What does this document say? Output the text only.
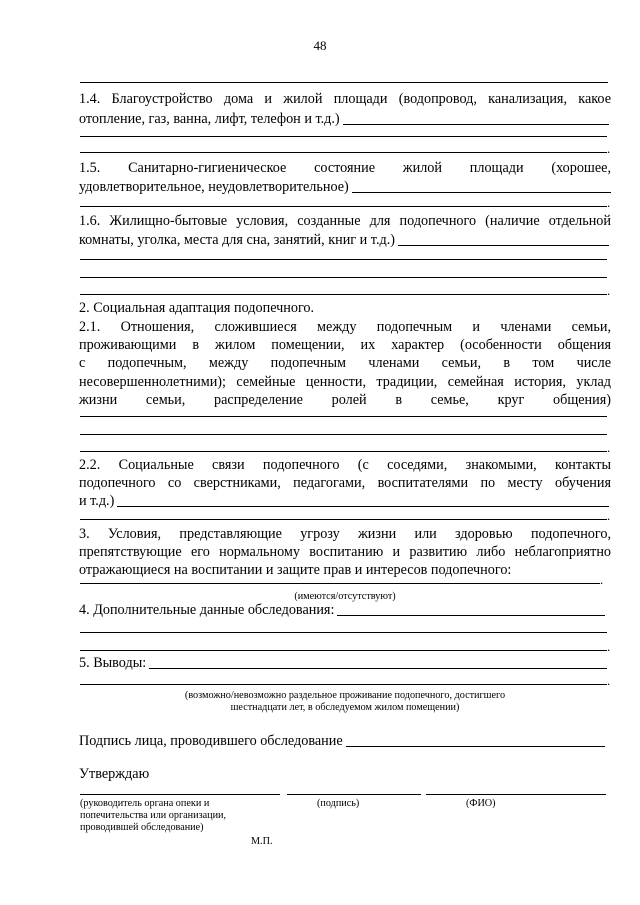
48
1.4. Благоустройство дома и жилой площади (водопровод, канализация, какое
отопление, газ, ванна, лифт, телефон и т.д.)
.
1.5. Санитарно-гигиеническое состояние жилой площади (хорошее,
удовлетворительное, неудовлетворительное)
.
1.6. Жилищно-бытовые условия, созданные для подопечного (наличие отдельной
комнаты, уголка, места для сна, занятий, книг и т.д.)
.
2. Социальная адаптация подопечного.
2.1. Отношения, сложившиеся между подопечным и членами семьи,
проживающими в жилом помещении, их характер (особенности общения
с подопечным, между подопечным членами семьи, в том числе
несовершеннолетними); семейные ценности, традиции, семейная история, уклад
жизни семьи, распределение ролей в семье, круг общения)
.
2.2. Социальные связи подопечного (с соседями, знакомыми, контакты
подопечного со сверстниками, педагогами, воспитателями по месту обучения
и т.д.)
.
3. Условия, представляющие угрозу жизни или здоровью подопечного,
препятствующие его нормальному воспитанию и развитию либо неблагоприятно
отражающиеся на воспитании и защите прав и интересов подопечного:
.
(имеются/отсутствуют)
4. Дополнительные данные обследования:
.
5. Выводы:
.
(возможно/невозможно раздельное проживание подопечного, достигшего
шестнадцати лет, в обследуемом жилом помещении)
Подпись лица, проводившего обследование
Утверждаю
(руководитель органа опеки и
попечительства или организации,
проводившей обследование)
(подпись)	(ФИО)
М.П.
